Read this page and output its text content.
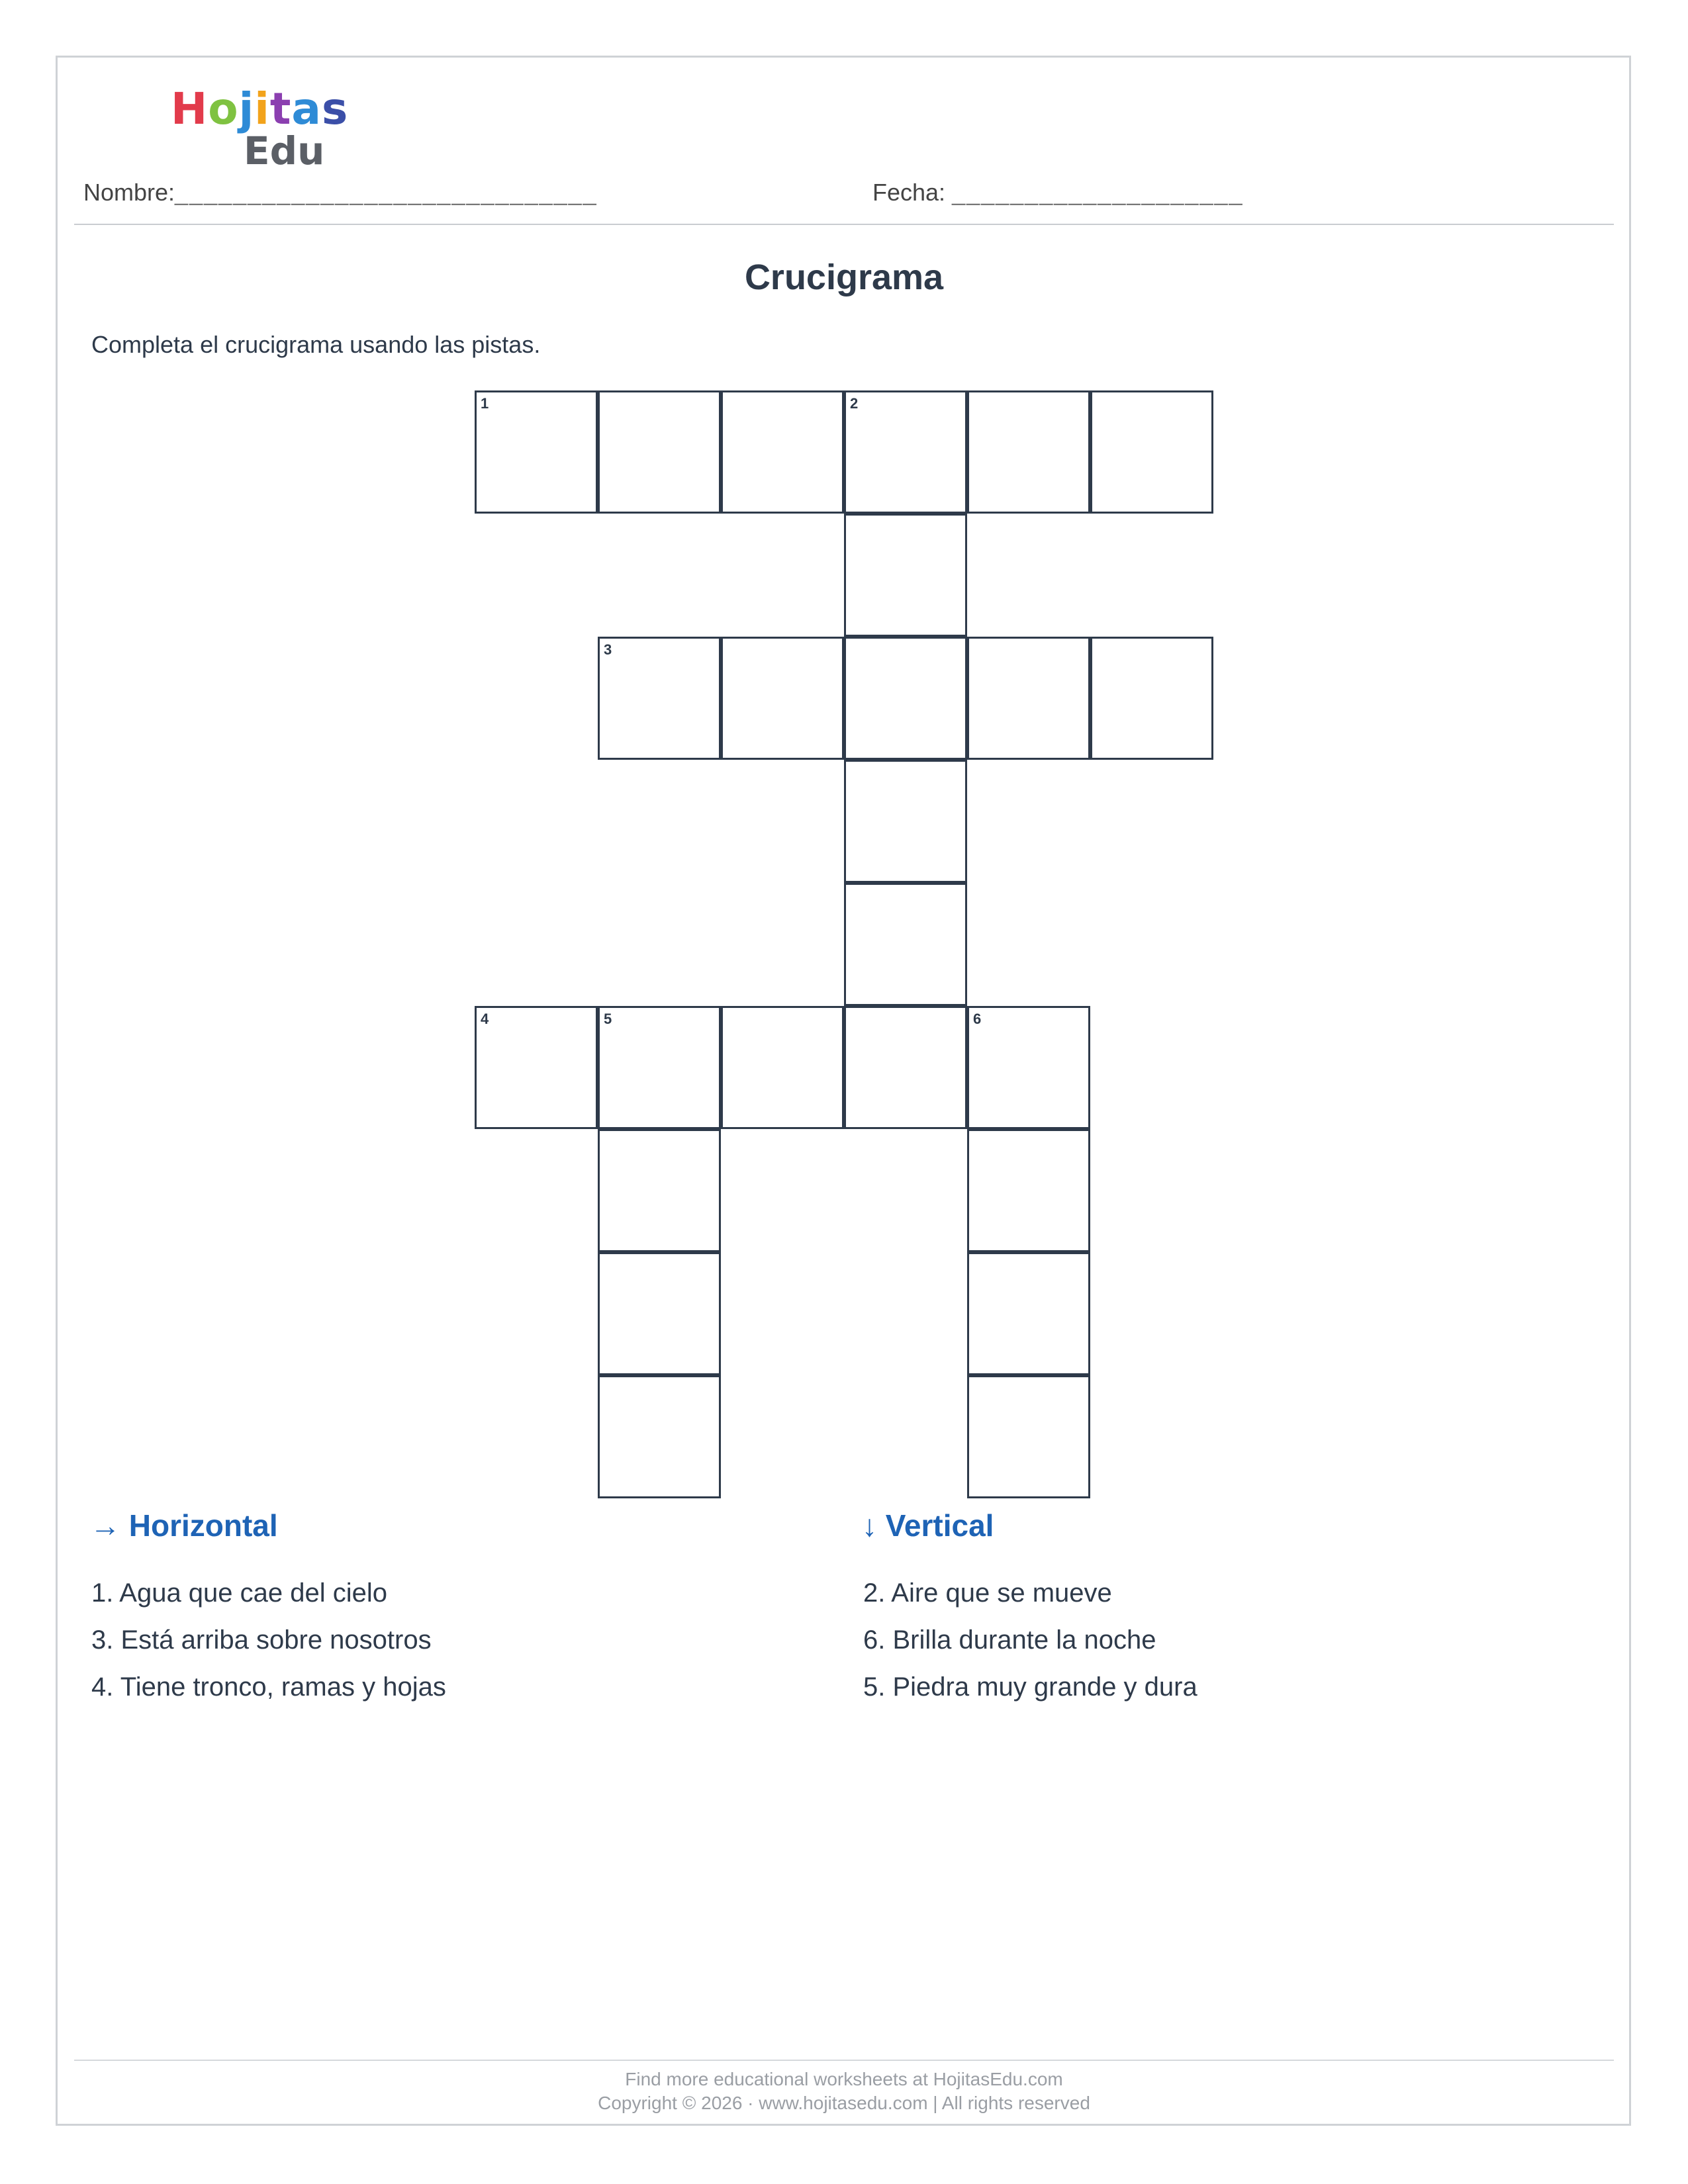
Hojitas
Edu
Nombre:_____________________________	Fecha: ____________________
Crucigrama
Completa el crucigrama usando las pistas.
1	2
3
4	5	6
→ Horizontal	↓ Vertical
1. Agua que cae del cielo
3. Está arriba sobre nosotros
4. Tiene tronco, ramas y hojas
2. Aire que se mueve
6. Brilla durante la noche
5. Piedra muy grande y dura
Find more educational worksheets at HojitasEdu.com
Copyright © 2026 · www.hojitasedu.com | All rights reserved
